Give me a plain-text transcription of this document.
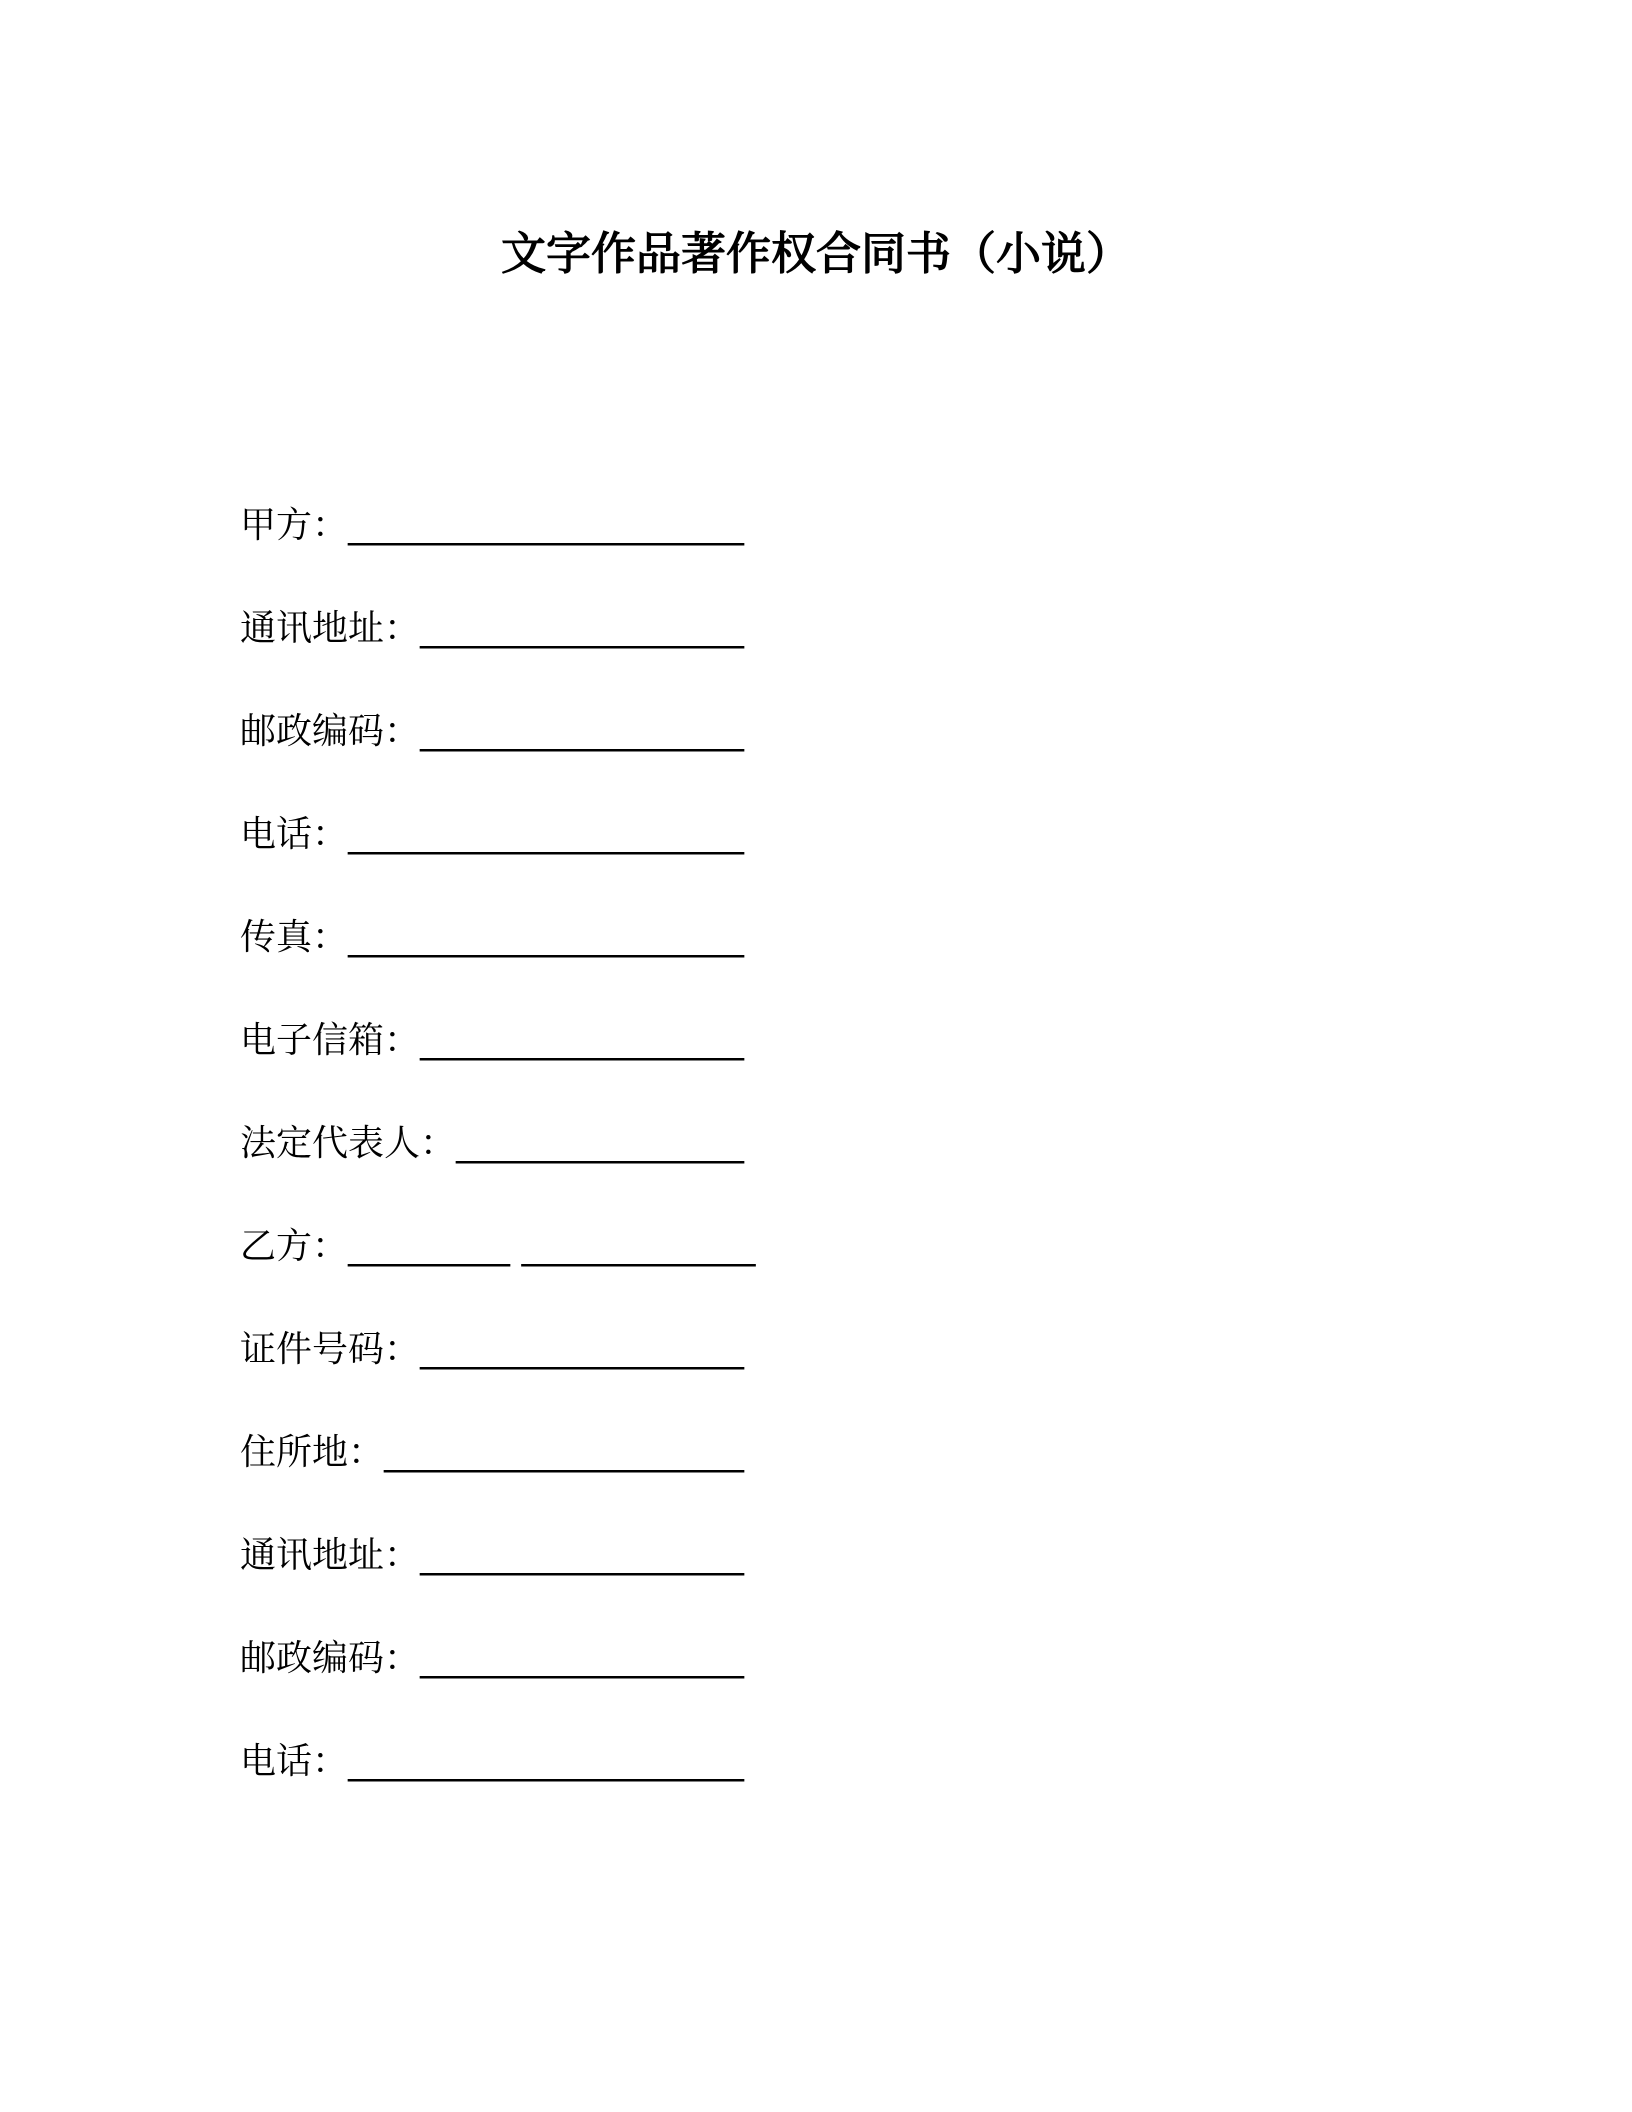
文字作品著作权合同书（小说）
甲方：______________________
通讯地址：__________________
邮政编码：__________________
电话：______________________
传真：______________________
电子信箱：__________________
法定代表人：________________
乙方：_________ _____________
证件号码：__________________
住所地：____________________
通讯地址：__________________
邮政编码：__________________
电话：______________________
